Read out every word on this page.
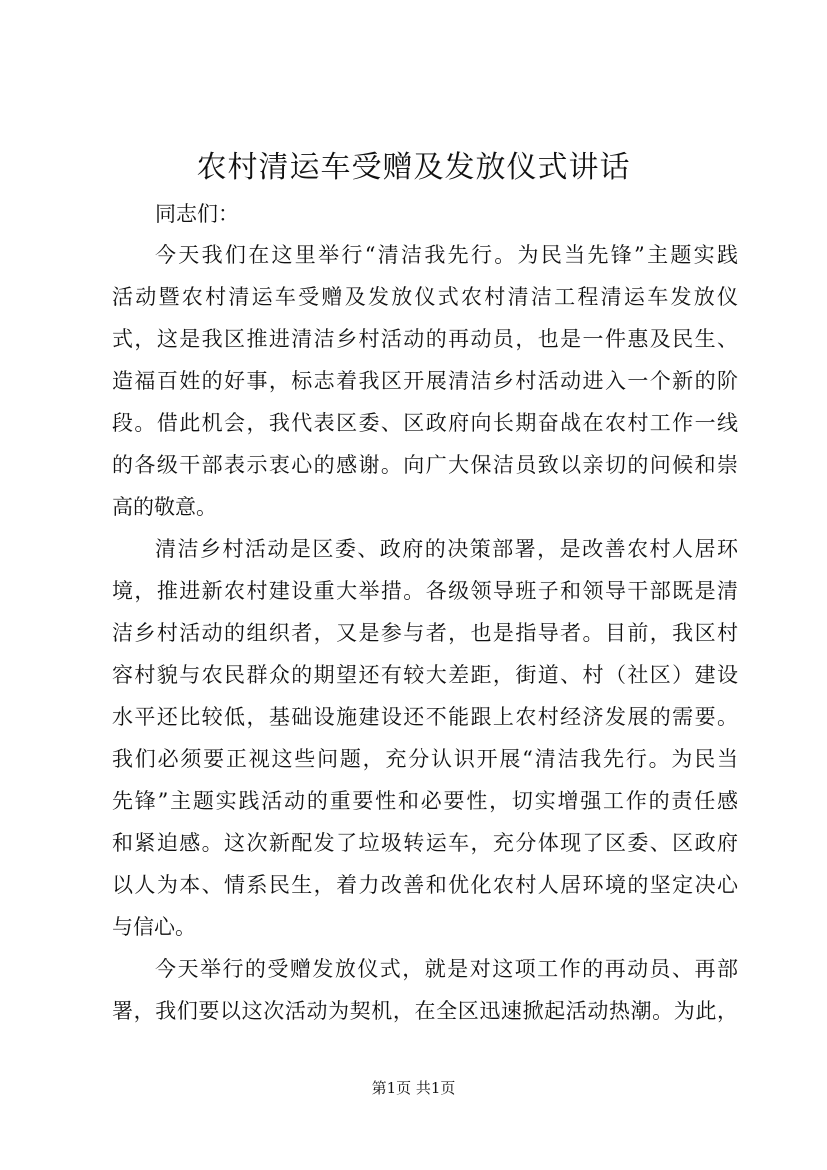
农村清运车受赠及发放仪式讲话

同志们：

今天我们在这里举行“清洁我先行。为民当先锋”主题实践

活动暨农村清运车受赠及发放仪式农村清洁工程清运车发放仪

式，这是我区推进清洁乡村活动的再动员，也是一件惠及民生、

造福百姓的好事，标志着我区开展清洁乡村活动进入一个新的阶

段。借此机会，我代表区委、区政府向长期奋战在农村工作一线

的各级干部表示衷心的感谢。向广大保洁员致以亲切的问候和崇

高的敬意。

清洁乡村活动是区委、政府的决策部署，是改善农村人居环

境，推进新农村建设重大举措。各级领导班子和领导干部既是清

洁乡村活动的组织者，又是参与者，也是指导者。目前，我区村

容村貌与农民群众的期望还有较大差距，街道、村（社区）建设

水平还比较低，基础设施建设还不能跟上农村经济发展的需要。

我们必须要正视这些问题，充分认识开展“清洁我先行。为民当

先锋”主题实践活动的重要性和必要性，切实增强工作的责任感

和紧迫感。这次新配发了垃圾转运车，充分体现了区委、区政府

以人为本、情系民生，着力改善和优化农村人居环境的坚定决心

与信心。

今天举行的受赠发放仪式，就是对这项工作的再动员、再部

署，我们要以这次活动为契机，在全区迅速掀起活动热潮。为此，

第1页 共1页
